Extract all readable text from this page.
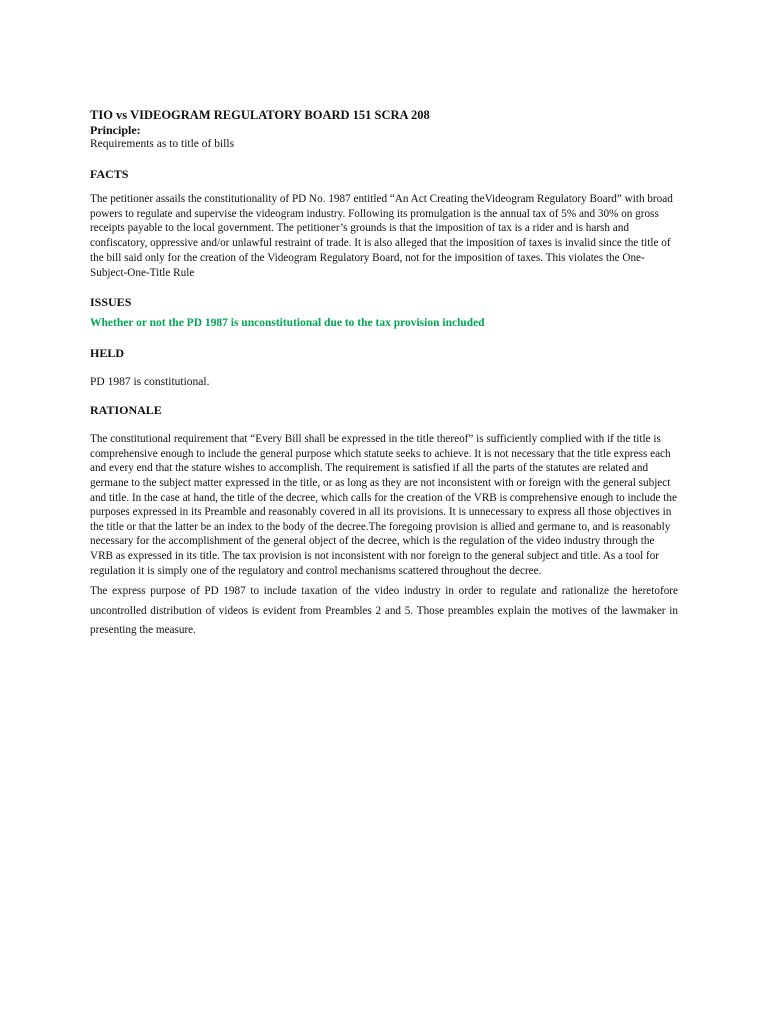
TIO vs VIDEOGRAM REGULATORY BOARD 151 SCRA 208

Principle:

Requirements as to title of bills

FACTS

The petitioner assails the constitutionality of PD No. 1987 entitled “An Act Creating theVideogram Regulatory Board” with broad powers to regulate and supervise the videogram industry. Following its promulgation is the annual tax of 5% and 30% on gross receipts payable to the local government. The petitioner’s grounds is that the imposition of tax is a rider and is harsh and confiscatory, oppressive and/or unlawful restraint of trade. It is also alleged that the imposition of taxes is invalid since the title of the bill said only for the creation of the Videogram Regulatory Board, not for the imposition of taxes. This violates the One-Subject-One-Title Rule

ISSUES

Whether or not the PD 1987 is unconstitutional due to the tax provision included

HELD

PD 1987 is constitutional.

RATIONALE

The constitutional requirement that “Every Bill shall be expressed in the title thereof” is sufficiently complied with if the title is comprehensive enough to include the general purpose which statute seeks to achieve. It is not necessary that the title express each and every end that the stature wishes to accomplish. The requirement is satisfied if all the parts of the statutes are related and germane to the subject matter expressed in the title, or as long as they are not inconsistent with or foreign with the general subject and title. In the case at hand, the title of the decree, which calls for the creation of the VRB is comprehensive enough to include the purposes expressed in its Preamble and reasonably covered in all its provisions. It is unnecessary to express all those objectives in the title or that the latter be an index to the body of the decree.The foregoing provision is allied and germane to, and is reasonably necessary for the accomplishment of the general object of the decree, which is the regulation of the video industry through the VRB as expressed in its title. The tax provision is not inconsistent with nor foreign to the general subject and title. As a tool for regulation it is simply one of the regulatory and control mechanisms scattered throughout the decree.

The express purpose of PD 1987 to include taxation of the video industry in order to regulate and rationalize the heretofore uncontrolled distribution of videos is evident from Preambles 2 and 5. Those preambles explain the motives of the lawmaker in presenting the measure.
